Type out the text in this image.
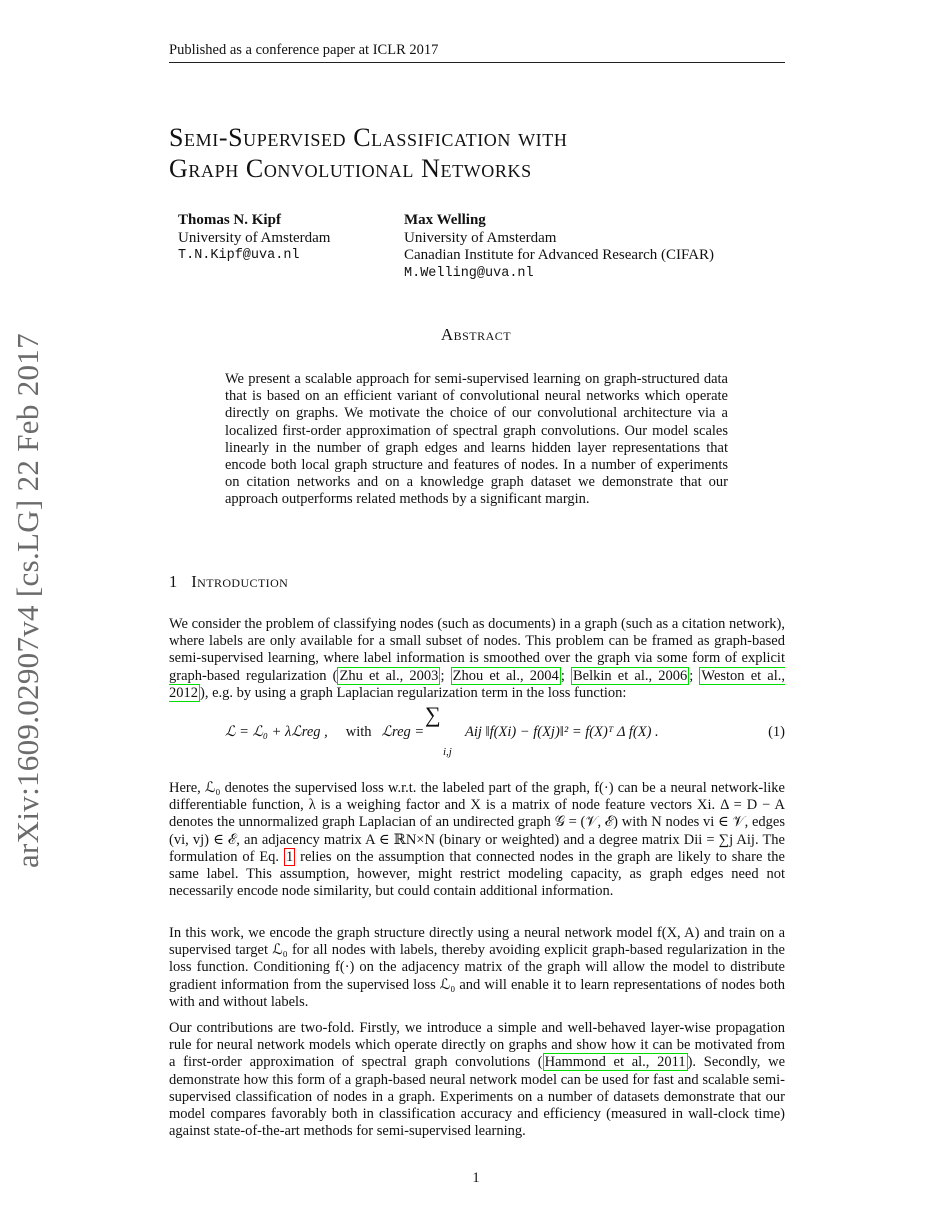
Published as a conference paper at ICLR 2017
arXiv:1609.02907v4 [cs.LG] 22 Feb 2017
Semi-Supervised Classification with
Graph Convolutional Networks
Thomas N. Kipf
University of Amsterdam
T.N.Kipf@uva.nl
Max Welling
University of Amsterdam
Canadian Institute for Advanced Research (CIFAR)
M.Welling@uva.nl
Abstract
We present a scalable approach for semi-supervised learning on graph-structured data that is based on an efficient variant of convolutional neural networks which operate directly on graphs. We motivate the choice of our convolutional architecture via a localized first-order approximation of spectral graph convolutions. Our model scales linearly in the number of graph edges and learns hidden layer representations that encode both local graph structure and features of nodes. In a number of experiments on citation networks and on a knowledge graph dataset we demonstrate that our approach outperforms related methods by a significant margin.
1 Introduction
We consider the problem of classifying nodes (such as documents) in a graph (such as a citation network), where labels are only available for a small subset of nodes. This problem can be framed as graph-based semi-supervised learning, where label information is smoothed over the graph via some form of explicit graph-based regularization ( Zhu et al., 2003 ; Zhou et al., 2004 ; Belkin et al., 2006 ; Weston et al., 2012 ), e.g. by using a graph Laplacian regularization term in the loss function:
ℒ = ℒ₀ + λℒreg , with ℒreg =
∑
i,j
Aij ‖f(Xi) − f(Xj)‖² = f(X)ᵀ Δ f(X) .	(1)
Here, ℒ₀ denotes the supervised loss w.r.t. the labeled part of the graph, f(·) can be a neural network-like differentiable function, λ is a weighing factor and X is a matrix of node feature vectors Xi. Δ = D − A denotes the unnormalized graph Laplacian of an undirected graph 𝒢 = (𝒱, ℰ) with N nodes vi ∈ 𝒱, edges (vi, vj) ∈ ℰ, an adjacency matrix A ∈ ℝN×N (binary or weighted) and a degree matrix Dii = ∑j Aij. The formulation of Eq. 1 relies on the assumption that connected nodes in the graph are likely to share the same label. This assumption, however, might restrict modeling capacity, as graph edges need not necessarily encode node similarity, but could contain additional information.
In this work, we encode the graph structure directly using a neural network model f(X, A) and train on a supervised target ℒ₀ for all nodes with labels, thereby avoiding explicit graph-based regularization in the loss function. Conditioning f(·) on the adjacency matrix of the graph will allow the model to distribute gradient information from the supervised loss ℒ₀ and will enable it to learn representations of nodes both with and without labels.
Our contributions are two-fold. Firstly, we introduce a simple and well-behaved layer-wise propagation rule for neural network models which operate directly on graphs and show how it can be motivated from a first-order approximation of spectral graph convolutions ( Hammond et al., 2011 ). Secondly, we demonstrate how this form of a graph-based neural network model can be used for fast and scalable semi-supervised classification of nodes in a graph. Experiments on a number of datasets demonstrate that our model compares favorably both in classification accuracy and efficiency (measured in wall-clock time) against state-of-the-art methods for semi-supervised learning.
1
